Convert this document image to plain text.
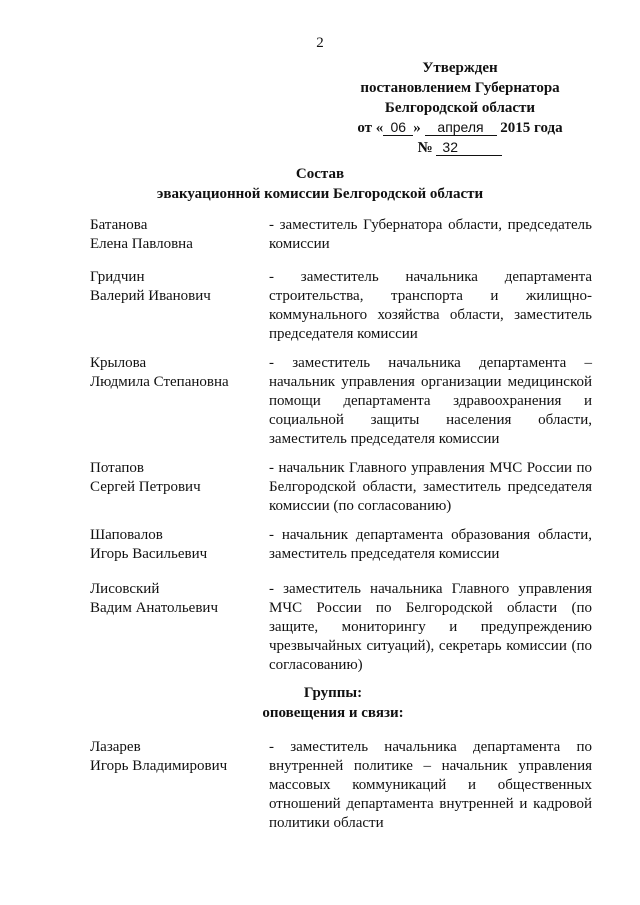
2
Утвержден
постановлением Губернатора
Белгородской области
от « 06 » апреля 2015 года
№ 32
Состав
эвакуационной комиссии Белгородской области
Батанова
Елена Павловна
- заместитель Губернатора области, председатель комиссии
Гридчин
Валерий Иванович
- заместитель начальника департамента строительства, транспорта и жилищно-коммунального хозяйства области, заместитель председателя комиссии
Крылова
Людмила Степановна
- заместитель начальника департамента – начальник управления организации медицинской помощи департамента здравоохранения и социальной защиты населения области, заместитель председателя комиссии
Потапов
Сергей Петрович
- начальник Главного управления МЧС России по Белгородской области, заместитель председателя комиссии (по согласованию)
Шаповалов
Игорь Васильевич
- начальник департамента образования области, заместитель председателя комиссии
Лисовский
Вадим Анатольевич
- заместитель начальника Главного управления МЧС России по Белгородской области (по защите, мониторингу и предупреждению чрезвычайных ситуаций), секретарь комиссии (по согласованию)
Группы:
оповещения и связи:
Лазарев
Игорь Владимирович
- заместитель начальника департамента по внутренней политике – начальник управления массовых коммуникаций и общественных отношений департамента внутренней и кадровой политики области
